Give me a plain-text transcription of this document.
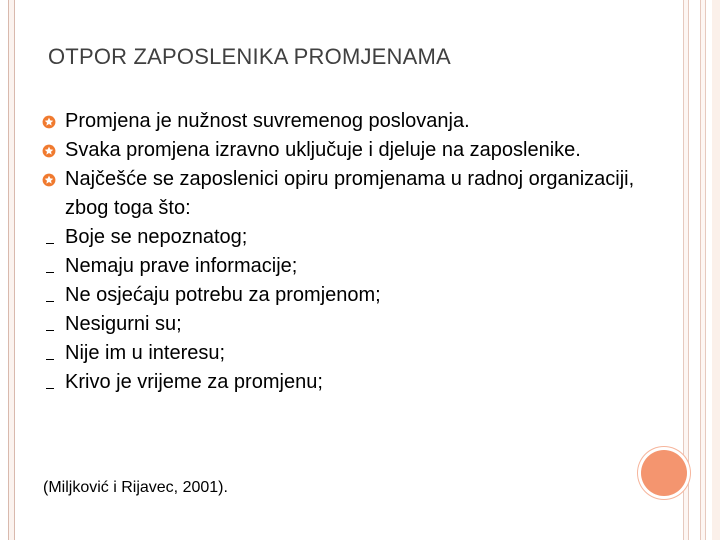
OTPOR ZAPOSLENIKA PROMJENAMA
Promjena je nužnost suvremenog poslovanja.
Svaka promjena izravno uključuje i djeluje na zaposlenike.
Najčešće se zaposlenici opiru promjenama u radnoj organizaciji, zbog toga što:
Boje se nepoznatog;
Nemaju prave informacije;
Ne osjećaju potrebu za promjenom;
Nesigurni su;
Nije im u interesu;
Krivo je vrijeme za promjenu;
(Miljković i Rijavec, 2001).
